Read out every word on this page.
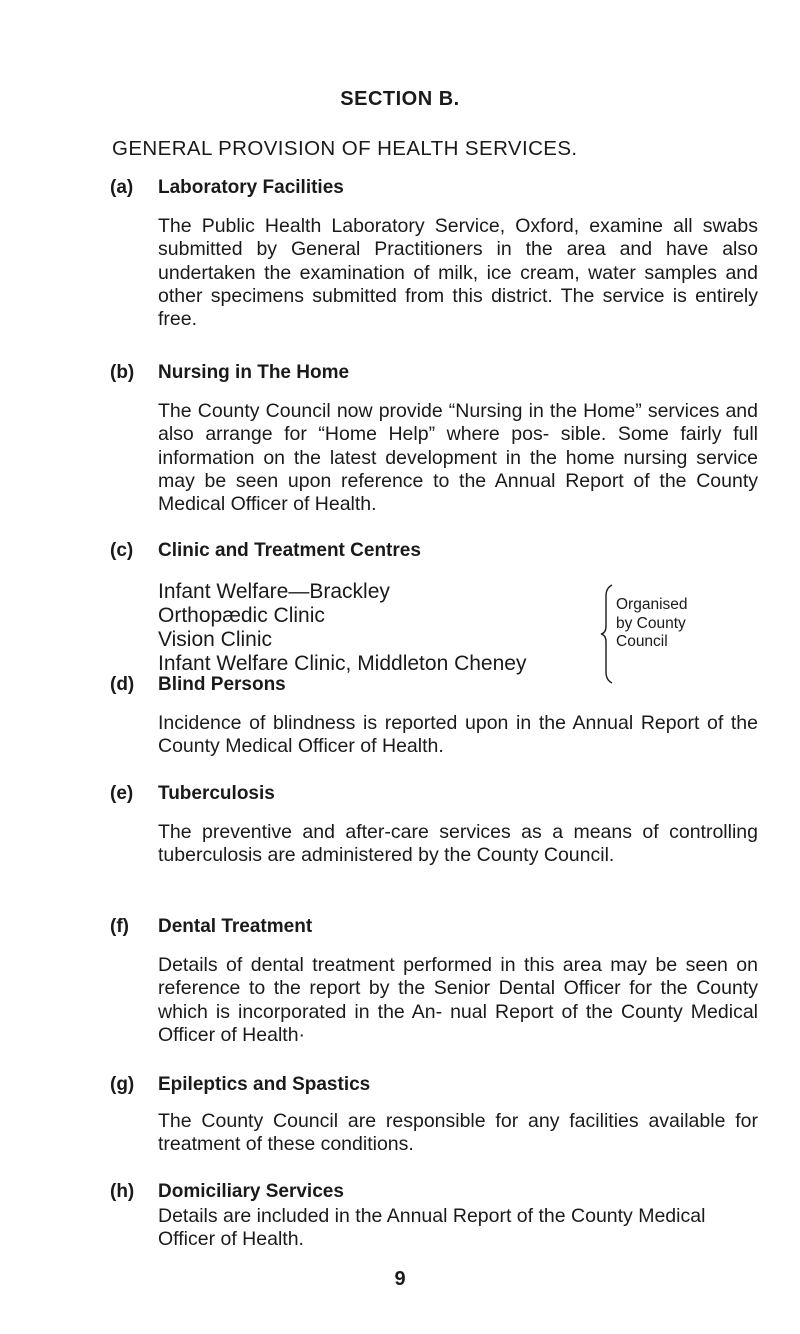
SECTION B.
GENERAL PROVISION OF HEALTH SERVICES.
(a) Laboratory Facilities
The Public Health Laboratory Service, Oxford, examine all swabs submitted by General Practitioners in the area and have also undertaken the examination of milk, ice cream, water samples and other specimens submitted from this district. The service is entirely free.
(b) Nursing in The Home
The County Council now provide “Nursing in the Home” services and also arrange for “Home Help” where pos- sible. Some fairly full information on the latest development in the home nursing service may be seen upon reference to the Annual Report of the County Medical Officer of Health.
(c) Clinic and Treatment Centres
Infant Welfare—Brackley
Orthopædic Clinic
Vision Clinic
Infant Welfare Clinic, Middleton Cheney
Organised
by County
Council
(d) Blind Persons
Incidence of blindness is reported upon in the Annual Report of the County Medical Officer of Health.
(e) Tuberculosis
The preventive and after-care services as a means of controlling tuberculosis are administered by the County Council.
(f) Dental Treatment
Details of dental treatment performed in this area may be seen on reference to the report by the Senior Dental Officer for the County which is incorporated in the An- nual Report of the County Medical Officer of Health·
(g) Epileptics and Spastics
The County Council are responsible for any facilities available for treatment of these conditions.
(h) Domiciliary Services
Details are included in the Annual Report of the County Medical Officer of Health.
9
